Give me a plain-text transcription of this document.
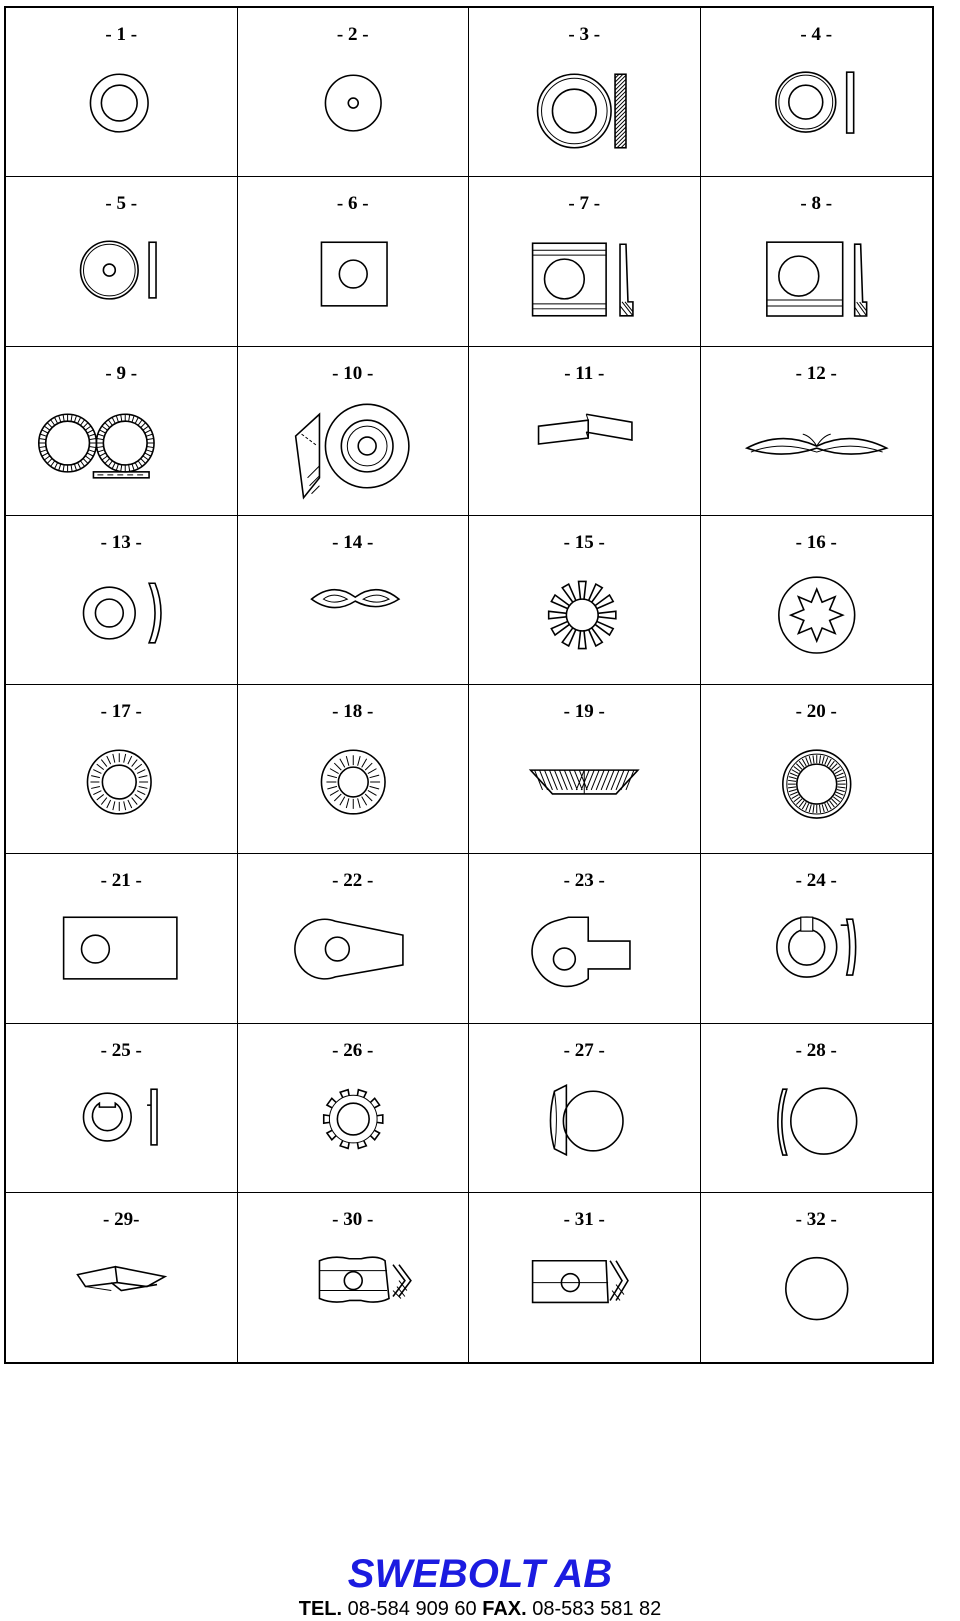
- 1 -	- 2 -	- 3 -	- 4 -
- 5 -	- 6 -	- 7 -	- 8 -
- 9 -	- 10 -	- 11 -	- 12 -
- 13 -	- 14 -	- 15 -	- 16 -
- 17 -	- 18 -	- 19 -	- 20 -
- 21 -	- 22 -	- 23 -	- 24 -
- 25 -	- 26 -	- 27 -	- 28 -
- 29-	- 30 -	- 31 -	- 32 -
SWEBOLT AB
TEL. 08-584 909 60 FAX. 08-583 581 82
